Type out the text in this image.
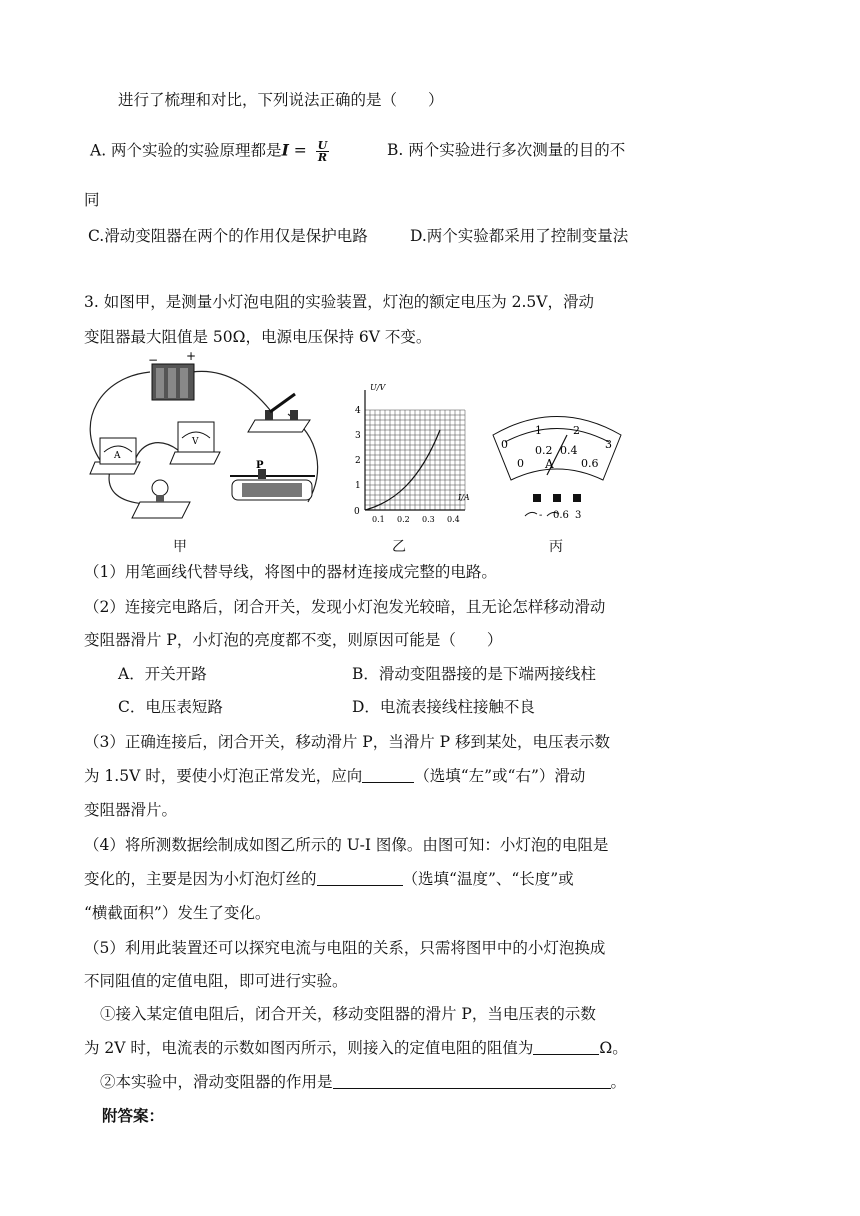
进行了梳理和对比，下列说法正确的是（　　）
A. 两个实验的实验原理都是$I = \frac{U}{R}$	B. 两个实验进行多次测量的目的不
同
C.滑动变阻器在两个的作用仅是保护电路	D.两个实验都采用了控制变量法
3. 如图甲，是测量小灯泡电阻的实验装置，灯泡的额定电压为 2.5V，滑动
变阻器最大阻值是 50Ω，电源电压保持 6V 不变。
− +
A
V
P
U/V
I/A
0
1
2
3
4
0.1 0.2 0.3 0.4
0
1	2
3
0
0.2 0.4
0.6
A
- 0.6 3
甲	乙	丙
（1）用笔画线代替导线，将图中的器材连接成完整的电路。
（2）连接完电路后，闭合开关，发现小灯泡发光较暗，且无论怎样移动滑动
变阻器滑片 P，小灯泡的亮度都不变，则原因可能是（　　）
A．开关开路	B．滑动变阻器接的是下端两接线柱
C．电压表短路	D．电流表接线柱接触不良
（3）正确连接后，闭合开关，移动滑片 P，当滑片 P 移到某处，电压表示数
为 1.5V 时，要使小灯泡正常发光，应向	（选填“左”或“右”）滑动
变阻器滑片。
（4）将所测数据绘制成如图乙所示的 U-I 图像。由图可知：小灯泡的电阻是
变化的，主要是因为小灯泡灯丝的	（选填“温度”、“长度”或
“横截面积”）发生了变化。
（5）利用此装置还可以探究电流与电阻的关系，只需将图甲中的小灯泡换成
不同阻值的定值电阻，即可进行实验。
①接入某定值电阻后，闭合开关，移动变阻器的滑片 P，当电压表的示数
为 2V 时，电流表的示数如图丙所示，则接入的定值电阻的阻值为	Ω。
②本实验中，滑动变阻器的作用是	。
附答案：
